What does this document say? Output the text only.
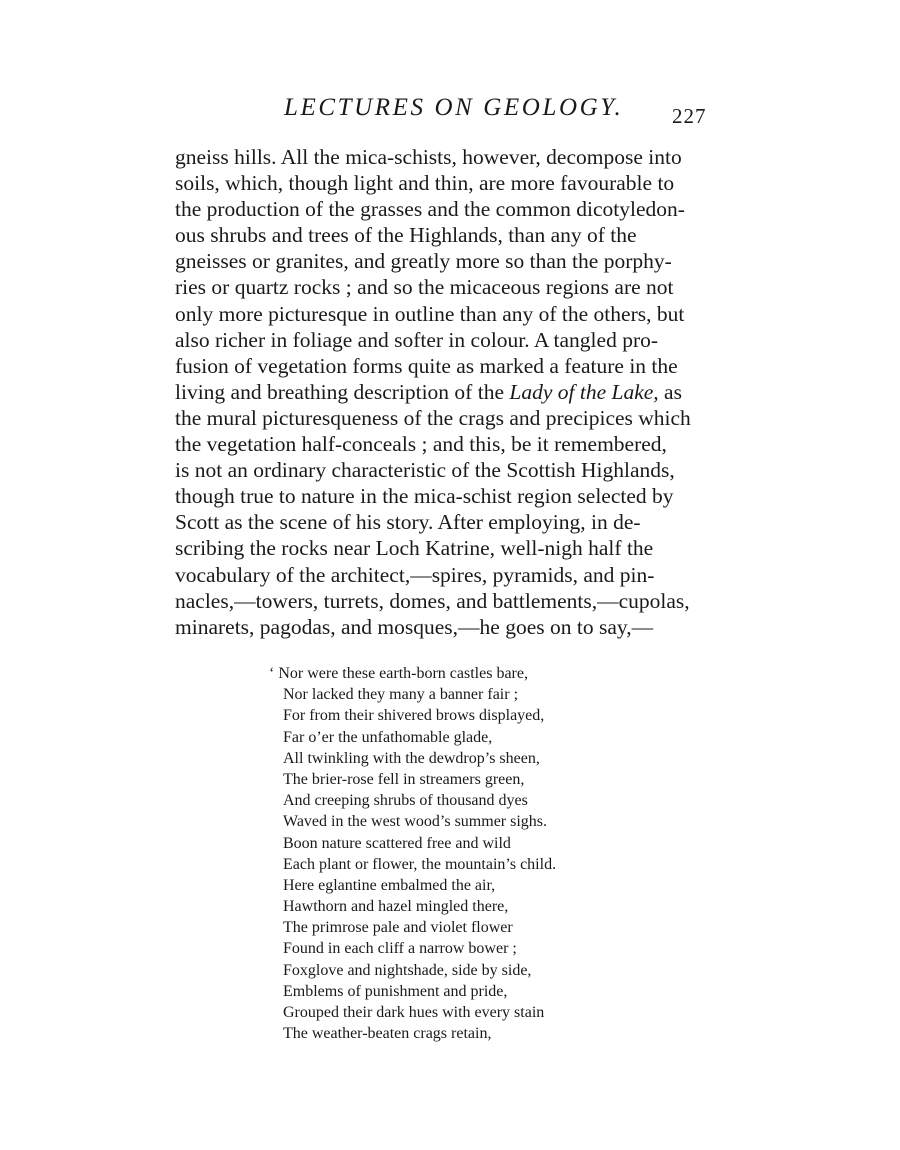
LECTURES ON GEOLOGY. 227
gneiss hills. All the mica-schists, however, decompose into
soils, which, though light and thin, are more favourable to
the production of the grasses and the common dicotyledon-
ous shrubs and trees of the Highlands, than any of the
gneisses or granites, and greatly more so than the porphy-
ries or quartz rocks ; and so the micaceous regions are not
only more picturesque in outline than any of the others, but
also richer in foliage and softer in colour. A tangled pro-
fusion of vegetation forms quite as marked a feature in the
living and breathing description of the Lady of the Lake, as
the mural picturesqueness of the crags and precipices which
the vegetation half-conceals ; and this, be it remembered,
is not an ordinary characteristic of the Scottish Highlands,
though true to nature in the mica-schist region selected by
Scott as the scene of his story. After employing, in de-
scribing the rocks near Loch Katrine, well-nigh half the
vocabulary of the architect,—spires, pyramids, and pin-
nacles,—towers, turrets, domes, and battlements,—cupolas,
minarets, pagodas, and mosques,—he goes on to say,—
‘ Nor were these earth-born castles bare,
Nor lacked they many a banner fair ;
For from their shivered brows displayed,
Far o’er the unfathomable glade,
All twinkling with the dewdrop’s sheen,
The brier-rose fell in streamers green,
And creeping shrubs of thousand dyes
Waved in the west wood’s summer sighs.
Boon nature scattered free and wild
Each plant or flower, the mountain’s child.
Here eglantine embalmed the air,
Hawthorn and hazel mingled there,
The primrose pale and violet flower
Found in each cliff a narrow bower ;
Foxglove and nightshade, side by side,
Emblems of punishment and pride,
Grouped their dark hues with every stain
The weather-beaten crags retain,
